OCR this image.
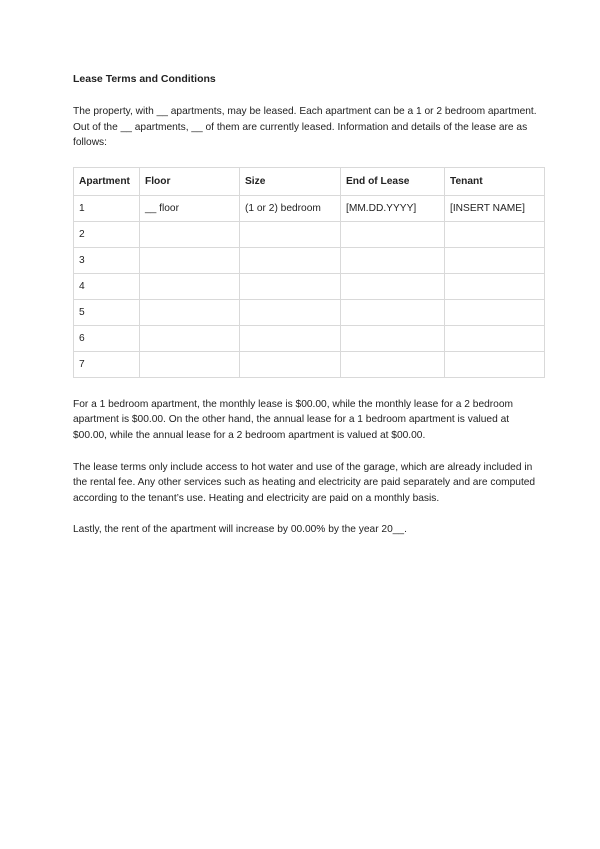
Lease Terms and Conditions

The property, with __ apartments, may be leased. Each apartment can be a 1 or 2 bedroom apartment. Out of the __ apartments, __ of them are currently leased. Information and details of the lease are as follows:

Apartment	Floor	Size	End of Lease	Tenant
1	__ floor	(1 or 2) bedroom	[MM.DD.YYYY]	[INSERT NAME]
2				
3				
4				
5				
6				
7				

For a 1 bedroom apartment, the monthly lease is $00.00, while the monthly lease for a 2 bedroom apartment is $00.00. On the other hand, the annual lease for a 1 bedroom apartment is valued at $00.00, while the annual lease for a 2 bedroom apartment is valued at $00.00.

The lease terms only include access to hot water and use of the garage, which are already included in the rental fee. Any other services such as heating and electricity are paid separately and are computed according to the tenant’s use. Heating and electricity are paid on a monthly basis.

Lastly, the rent of the apartment will increase by 00.00% by the year 20__.
